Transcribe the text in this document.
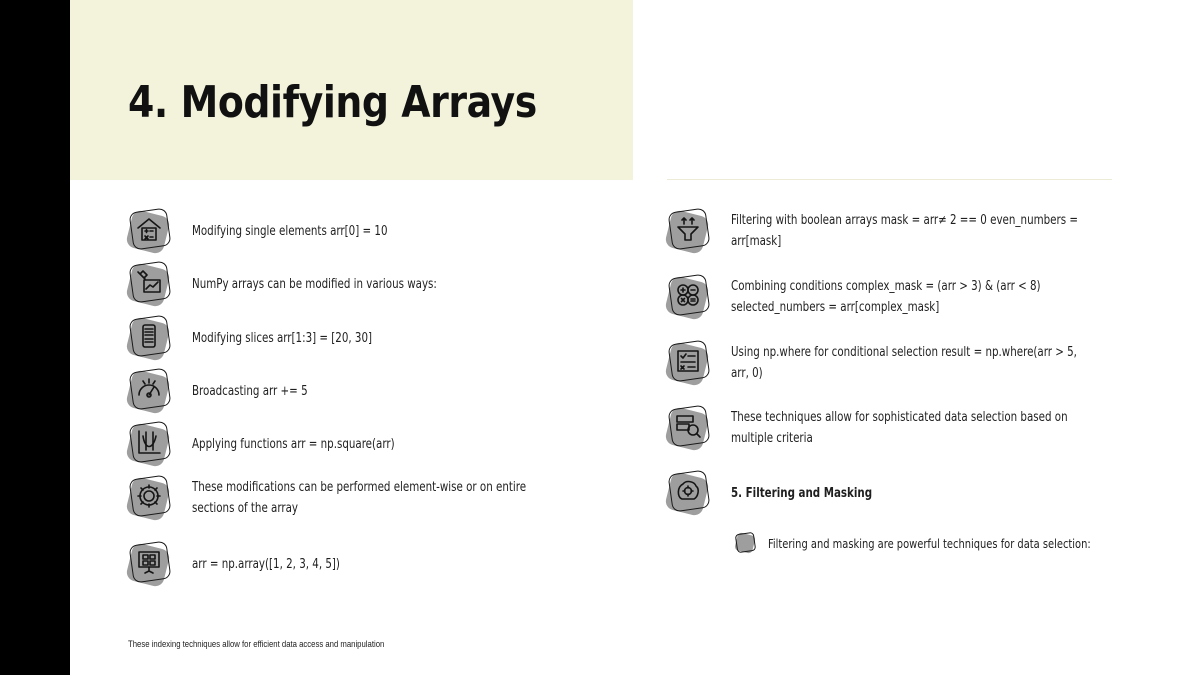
4. Modifying Arrays
Modifying single elements arr[0] = 10
NumPy arrays can be modified in various ways:
Modifying slices arr[1:3] = [20, 30]
Broadcasting arr += 5
Applying functions arr = np.square(arr)
These modifications can be performed element-wise or on entire sections of the array
arr = np.array([1, 2, 3, 4, 5])
Filtering with boolean arrays mask = arr≠ 2 == 0 even_numbers = arr[mask]
Combining conditions complex_mask = (arr > 3) & (arr < 8) selected_numbers = arr[complex_mask]
Using np.where for conditional selection result = np.where(arr > 5, arr, 0)
These techniques allow for sophisticated data selection based on multiple criteria
5. Filtering and Masking
Filtering and masking are powerful techniques for data selection:
These indexing techniques allow for efficient data access and manipulation
